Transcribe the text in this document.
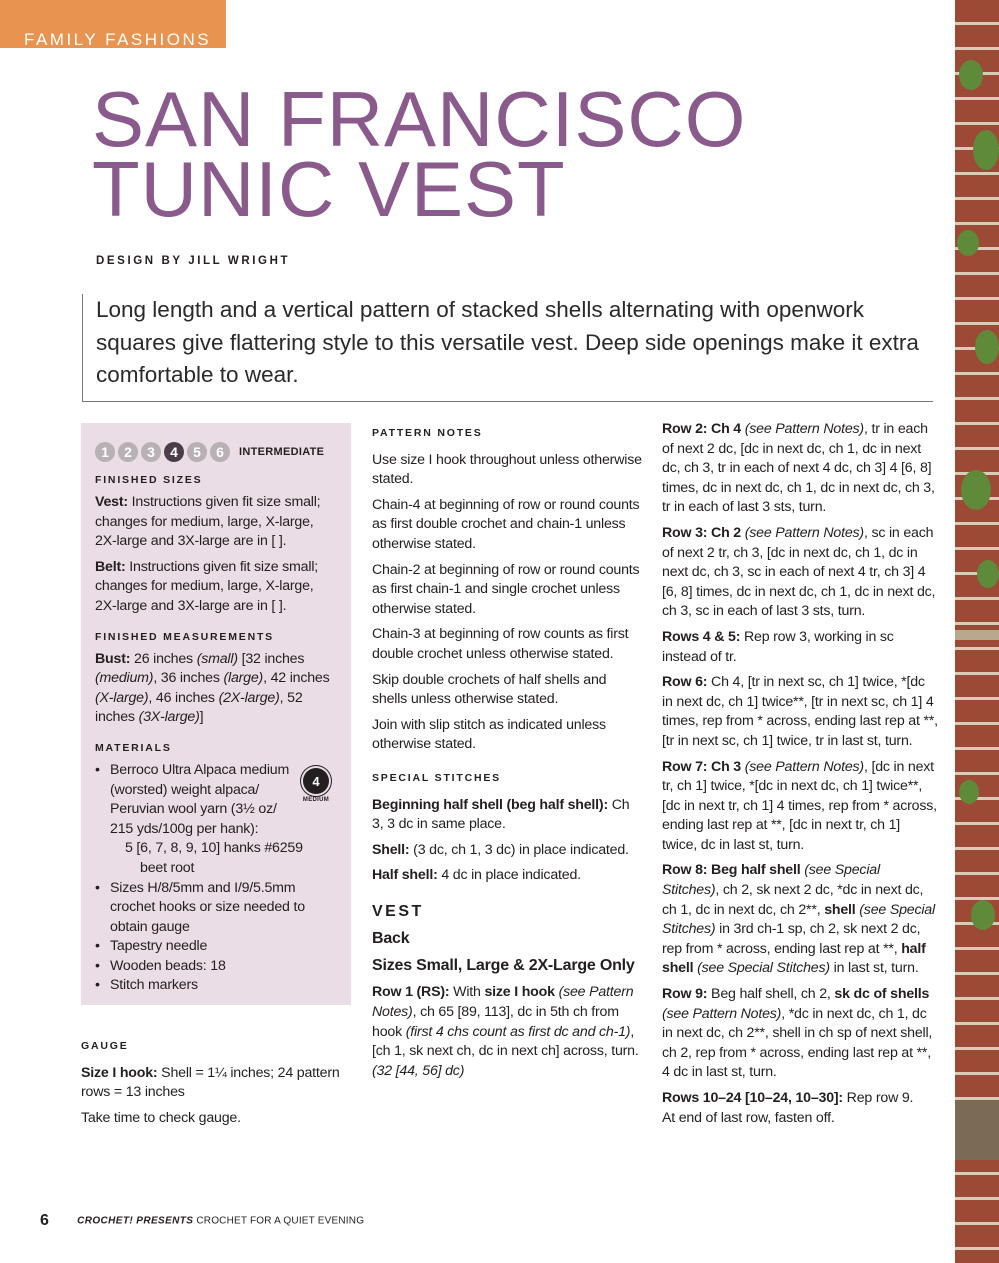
FAMILY FASHIONS
SAN FRANCISCO
TUNIC VEST
DESIGN BY JILL WRIGHT
Long length and a vertical pattern of stacked shells alternating with openwork squares give flattering style to this versatile vest. Deep side openings make it extra comfortable to wear.
1	2	3	4	5	6	INTERMEDIATE
FINISHED SIZES

Vest: Instructions given fit size small; changes for medium, large, X-large, 2X-large and 3X-large are in [ ].

Belt: Instructions given fit size small; changes for medium, large, X-large, 2X-large and 3X-large are in [ ].

FINISHED MEASUREMENTS

Bust: 26 inches (small) [32 inches (medium), 36 inches (large), 42 inches (X-large), 46 inches (2X-large), 52 inches (3X-large)]

MATERIALS
• Berroco Ultra Alpaca medium
(worsted) weight alpaca/
Peruvian wool yarn (3½ oz/
215 yds/100g per hank):
5 [6, 7, 8, 9, 10] hanks #6259
beet root
• Sizes H/8/5mm and I/9/5.5mm crochet hooks or size needed to obtain gauge
• Tapestry needle
• Wooden beads: 18
• Stitch markers
4
MEDIUM
GAUGE

Size I hook: Shell = 1¼ inches; 24 pattern rows = 13 inches

Take time to check gauge.

PATTERN NOTES

Use size I hook throughout unless otherwise stated.

Chain-4 at beginning of row or round counts as first double crochet and chain-1 unless otherwise stated.

Chain-2 at beginning of row or round counts as first chain-1 and single crochet unless otherwise stated.

Chain-3 at beginning of row counts as first double crochet unless otherwise stated.

Skip double crochets of half shells and shells unless otherwise stated.

Join with slip stitch as indicated unless otherwise stated.

SPECIAL STITCHES

Beginning half shell (beg half shell): Ch 3, 3 dc in same place.

Shell: (3 dc, ch 1, 3 dc) in place indicated.

Half shell: 4 dc in place indicated.

VEST
Back
Sizes Small, Large & 2X-Large Only

Row 1 (RS): With size I hook (see Pattern Notes), ch 65 [89, 113], dc in 5th ch from hook (first 4 chs count as first dc and ch-1), [ch 1, sk next ch, dc in next ch] across, turn. (32 [44, 56] dc)

Row 2: Ch 4 (see Pattern Notes), tr in each of next 2 dc, [dc in next dc, ch 1, dc in next dc, ch 3, tr in each of next 4 dc, ch 3] 4 [6, 8] times, dc in next dc, ch 1, dc in next dc, ch 3, tr in each of last 3 sts, turn.

Row 3: Ch 2 (see Pattern Notes), sc in each of next 2 tr, ch 3, [dc in next dc, ch 1, dc in next dc, ch 3, sc in each of next 4 tr, ch 3] 4 [6, 8] times, dc in next dc, ch 1, dc in next dc, ch 3, sc in each of last 3 sts, turn.

Rows 4 & 5: Rep row 3, working in sc instead of tr.

Row 6: Ch 4, [tr in next sc, ch 1] twice, *[dc in next dc, ch 1] twice**, [tr in next sc, ch 1] 4 times, rep from * across, ending last rep at **, [tr in next sc, ch 1] twice, tr in last st, turn.

Row 7: Ch 3 (see Pattern Notes), [dc in next tr, ch 1] twice, *[dc in next dc, ch 1] twice**, [dc in next tr, ch 1] 4 times, rep from * across, ending last rep at **, [dc in next tr, ch 1] twice, dc in last st, turn.

Row 8: Beg half shell (see Special Stitches), ch 2, sk next 2 dc, *dc in next dc, ch 1, dc in next dc, ch 2**, shell (see Special Stitches) in 3rd ch-1 sp, ch 2, sk next 2 dc, rep from * across, ending last rep at **, half shell (see Special Stitches) in last st, turn.

Row 9: Beg half shell, ch 2, sk dc of shells (see Pattern Notes), *dc in next dc, ch 1, dc in next dc, ch 2**, shell in ch sp of next shell, ch 2, rep from * across, ending last rep at **, 4 dc in last st, turn.

Rows 10–24 [10–24, 10–30]: Rep row 9.

At end of last row, fasten off.

6	CROCHET! PRESENTS CROCHET FOR A QUIET EVENING
